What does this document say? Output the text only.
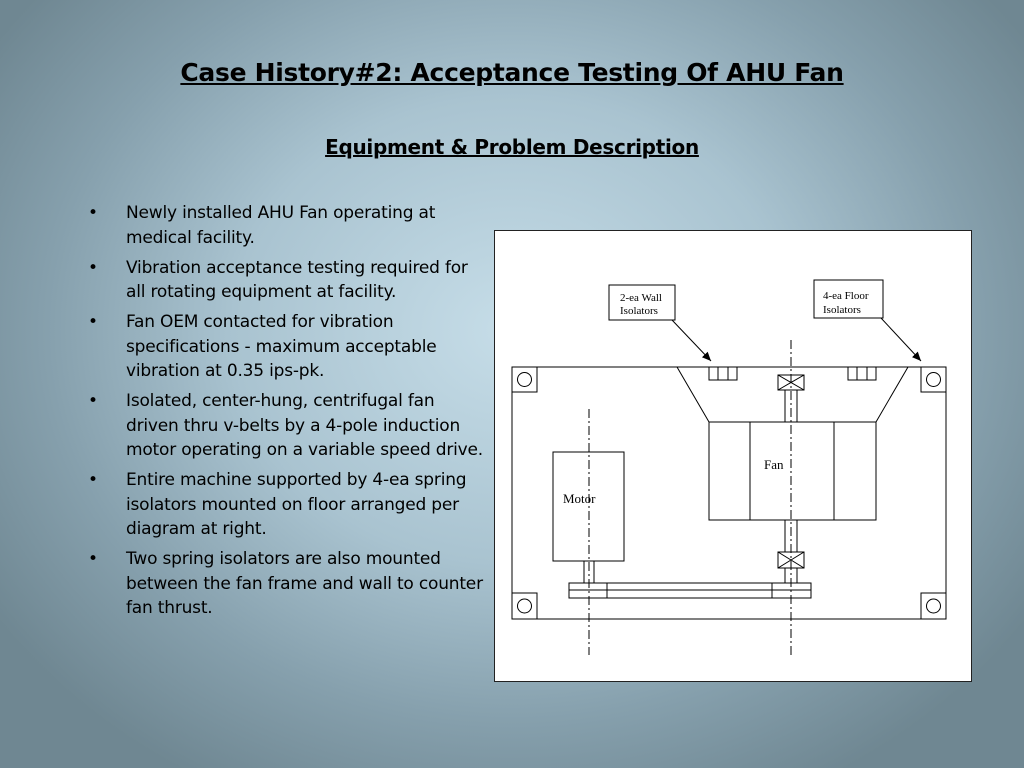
Case History#2: Acceptance Testing Of AHU Fan
Equipment & Problem Description
• Newly installed AHU Fan operating at medical facility.
• Vibration acceptance testing required for all rotating equipment at facility.
• Fan OEM contacted for vibration specifications - maximum acceptable vibration at 0.35 ips-pk.
• Isolated, center-hung, centrifugal fan driven thru v-belts by a 4-pole induction motor operating on a variable speed drive.
• Entire machine supported by 4-ea spring isolators mounted on floor arranged per diagram at right.
• Two spring isolators are also mounted between the fan frame and wall to counter fan thrust.
2-ea Wall
Isolators
4-ea Floor
Isolators
Fan
Motor
